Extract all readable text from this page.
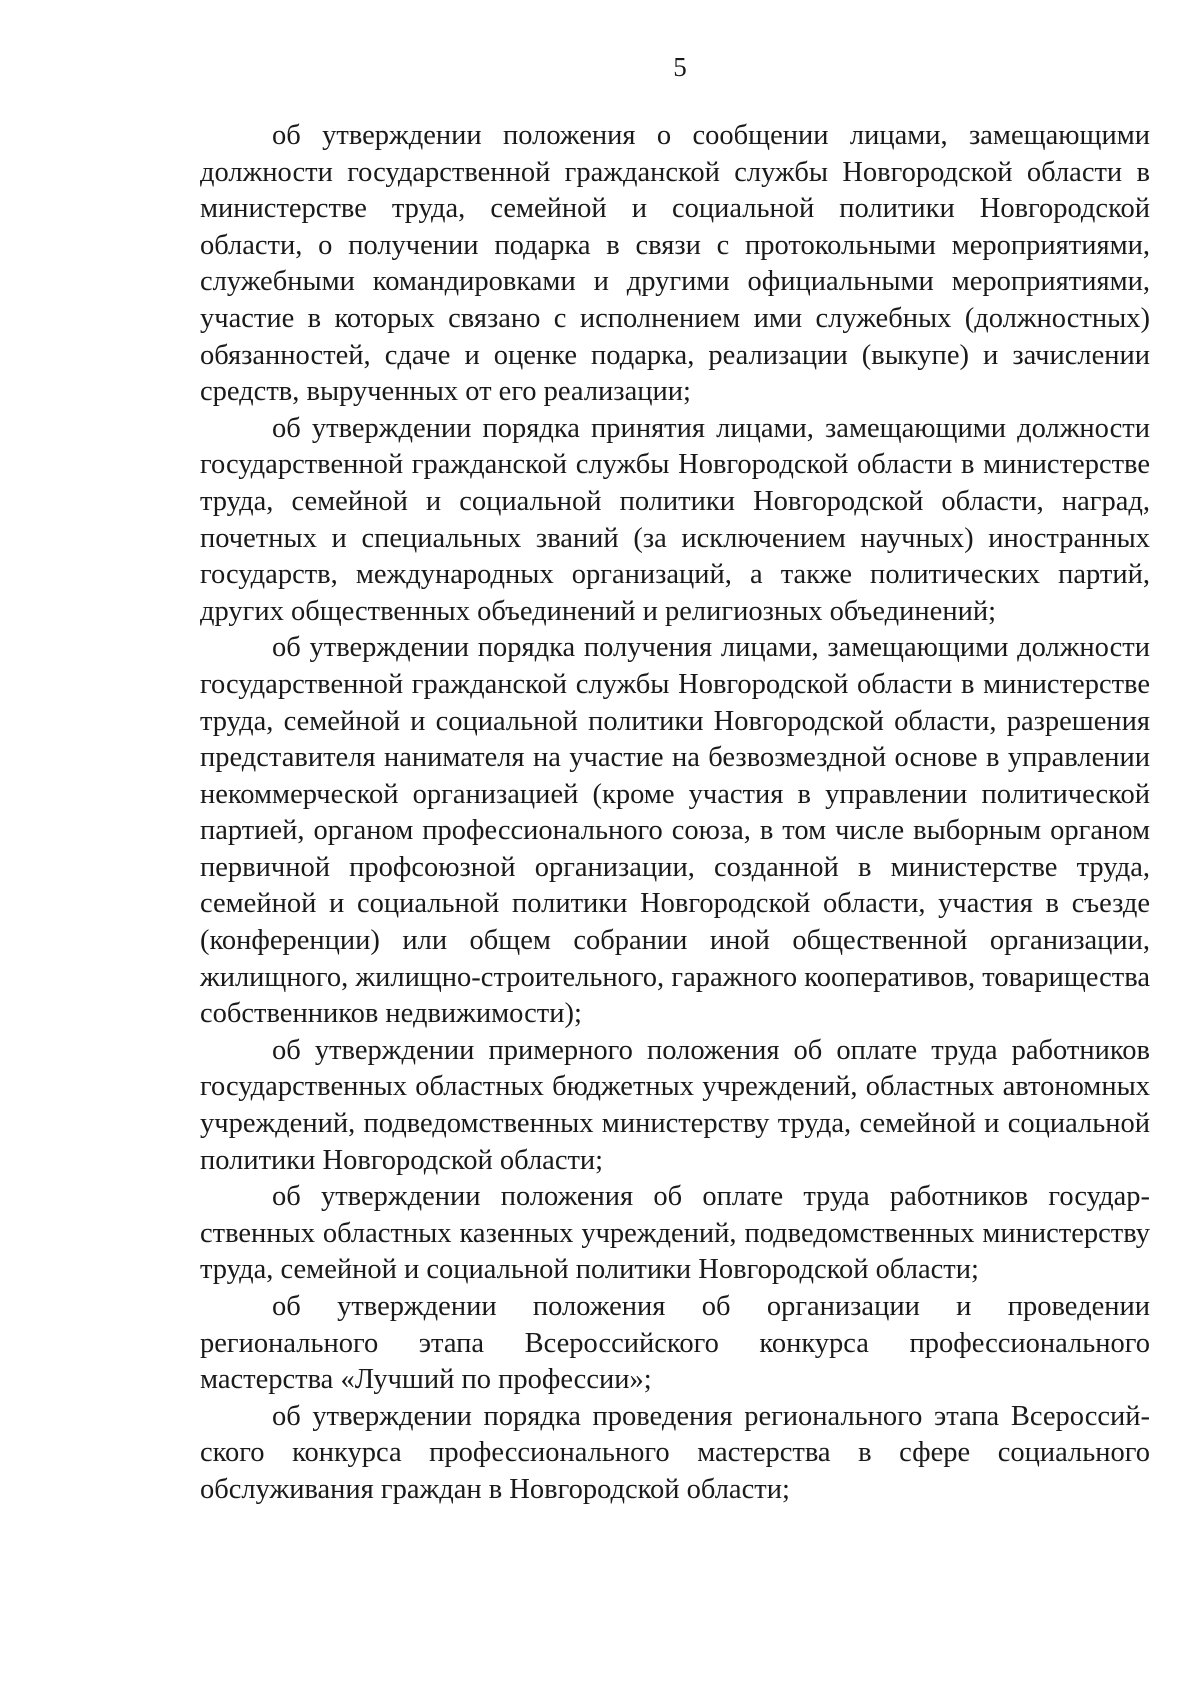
5

об утверждении положения о сообщении лицами, замещающими должности государственной гражданской службы Новгородской области в министерстве труда, семейной и социальной политики Новгородской области, о получении подарка в связи с протокольными мероприятиями, служебными командировками и другими официальными мероприятиями, участие в которых связано с исполнением ими служебных (должностных) обязанностей, сдаче и оценке подарка, реализации (выкупе) и зачислении средств, вырученных от его реализации;

об утверждении порядка принятия лицами, замещающими должности государственной гражданской службы Новгородской области в министерстве труда, семейной и социальной политики Новгородской области, наград, почетных и специальных званий (за исключением научных) иностранных государств, международных организаций, а также политических партий, других общественных объединений и религиозных объединений;

об утверждении порядка получения лицами, замещающими должности государственной гражданской службы Новгородской области в министерстве труда, семейной и социальной политики Новгородской области, разрешения представителя нанимателя на участие на безвозмездной основе в управлении некоммерческой организацией (кроме участия в управлении политической партией, органом профессионального союза, в том числе выборным органом первичной профсоюзной организации, созданной в министерстве труда, семейной и социальной политики Новгородской области, участия в съезде (конференции) или общем собрании иной общественной организации, жилищного, жилищно-строительного, гаражного кооперативов, товарищества собственников недвижимости);

об утверждении примерного положения об оплате труда работников государственных областных бюджетных учреждений, областных автономных учреждений, подведомственных министерству труда, семейной и социальной политики Новгородской области;

об утверждении положения об оплате труда работников государственных областных казенных учреждений, подведомственных министерству труда, семейной и социальной политики Новгородской области;

об утверждении положения об организации и проведении регионального этапа Всероссийского конкурса профессионального мастерства «Лучший по профессии»;

об утверждении порядка проведения регионального этапа Всероссийского конкурса профессионального мастерства в сфере социального обслуживания граждан в Новгородской области;
